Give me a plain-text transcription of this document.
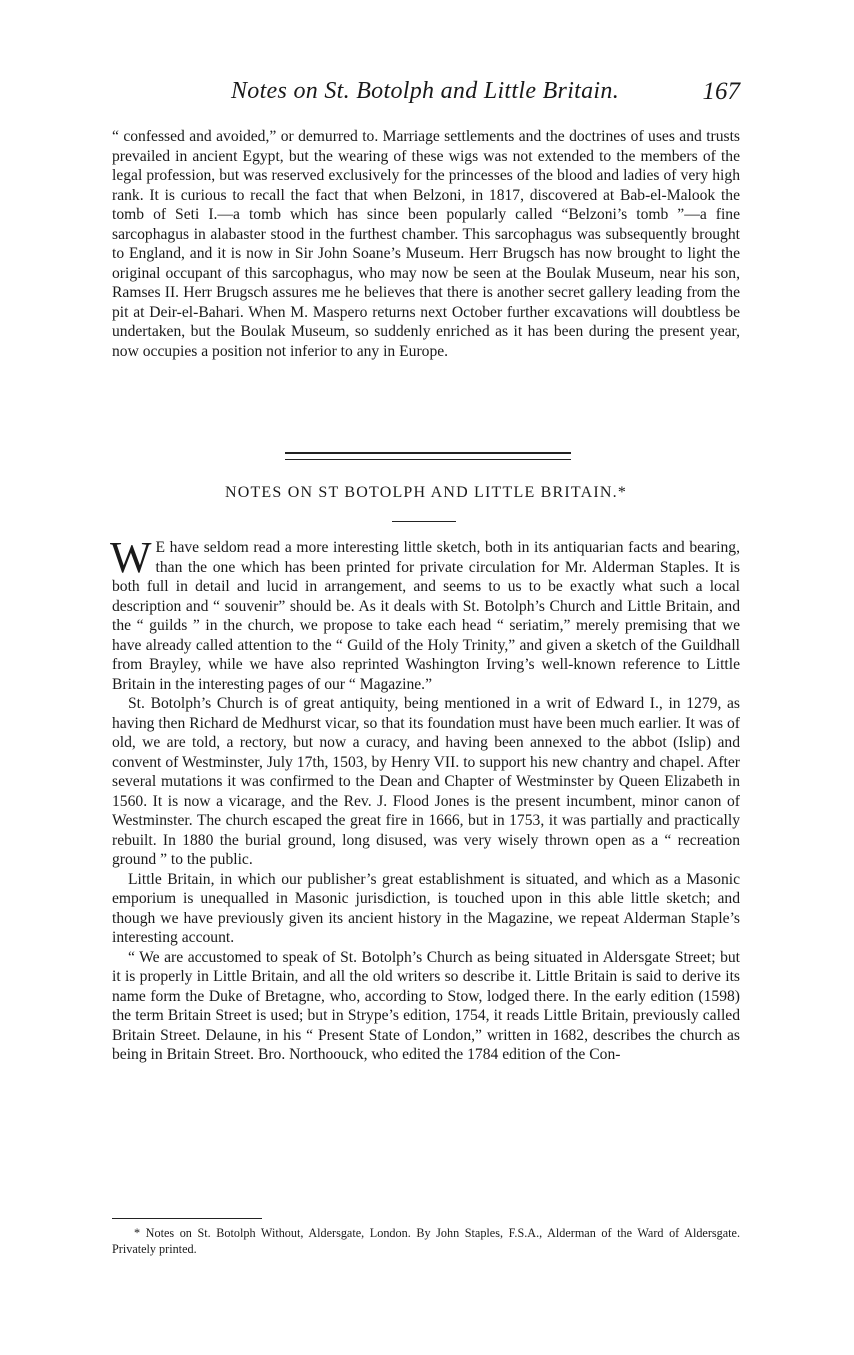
Notes on St. Botolph and Little Britain.	167

“ confessed and avoided,” or demurred to. Marriage settlements and the doctrines of uses and trusts prevailed in ancient Egypt, but the wearing of these wigs was not extended to the members of the legal profession, but was reserved exclusively for the princesses of the blood and ladies of very high rank. It is curious to recall the fact that when Belzoni, in 1817, discovered at Bab-el-Malook the tomb of Seti I.—a tomb which has since been popularly called “Belzoni’s tomb ”—a fine sarcophagus in alabaster stood in the furthest chamber. This sarcophagus was subsequently brought to England, and it is now in Sir John Soane’s Museum. Herr Brugsch has now brought to light the original occupant of this sarcophagus, who may now be seen at the Boulak Museum, near his son, Ramses II. Herr Brugsch assures me he believes that there is another secret gallery leading from the pit at Deir-el-Bahari. When M. Maspero returns next October further excavations will doubtless be undertaken, but the Boulak Museum, so suddenly enriched as it has been during the present year, now occupies a position not inferior to any in Europe.

NOTES ON ST BOTOLPH AND LITTLE BRITAIN.*

W E have seldom read a more interesting little sketch, both in its antiquarian facts and bearing, than the one which has been printed for private circulation for Mr. Alderman Staples. It is both full in detail and lucid in arrangement, and seems to us to be exactly what such a local description and “ souvenir” should be. As it deals with St. Botolph’s Church and Little Britain, and the “ guilds ” in the church, we propose to take each head “ seriatim,” merely premising that we have already called attention to the “ Guild of the Holy Trinity,” and given a sketch of the Guildhall from Brayley, while we have also reprinted Washington Irving’s well-known reference to Little Britain in the interesting pages of our “ Magazine.”

St. Botolph’s Church is of great antiquity, being mentioned in a writ of Edward I., in 1279, as having then Richard de Medhurst vicar, so that its foundation must have been much earlier. It was of old, we are told, a rectory, but now a curacy, and having been annexed to the abbot (Islip) and convent of Westminster, July 17th, 1503, by Henry VII. to support his new chantry and chapel. After several mutations it was confirmed to the Dean and Chapter of Westminster by Queen Elizabeth in 1560. It is now a vicarage, and the Rev. J. Flood Jones is the present incumbent, minor canon of Westminster. The church escaped the great fire in 1666, but in 1753, it was partially and practically rebuilt. In 1880 the burial ground, long disused, was very wisely thrown open as a “ recreation ground ” to the public.

Little Britain, in which our publisher’s great establishment is situated, and which as a Masonic emporium is unequalled in Masonic jurisdiction, is touched upon in this able little sketch; and though we have previously given its ancient history in the Magazine, we repeat Alderman Staple’s interesting account.

“ We are accustomed to speak of St. Botolph’s Church as being situated in Aldersgate Street; but it is properly in Little Britain, and all the old writers so describe it. Little Britain is said to derive its name form the Duke of Bretagne, who, according to Stow, lodged there. In the early edition (1598) the term Britain Street is used; but in Strype’s edition, 1754, it reads Little Britain, previously called Britain Street. Delaune, in his “ Present State of London,” written in 1682, describes the church as being in Britain Street. Bro. Northoouck, who edited the 1784 edition of the Con-

* Notes on St. Botolph Without, Aldersgate, London. By John Staples, F.S.A., Alderman of the Ward of Aldersgate. Privately printed.
